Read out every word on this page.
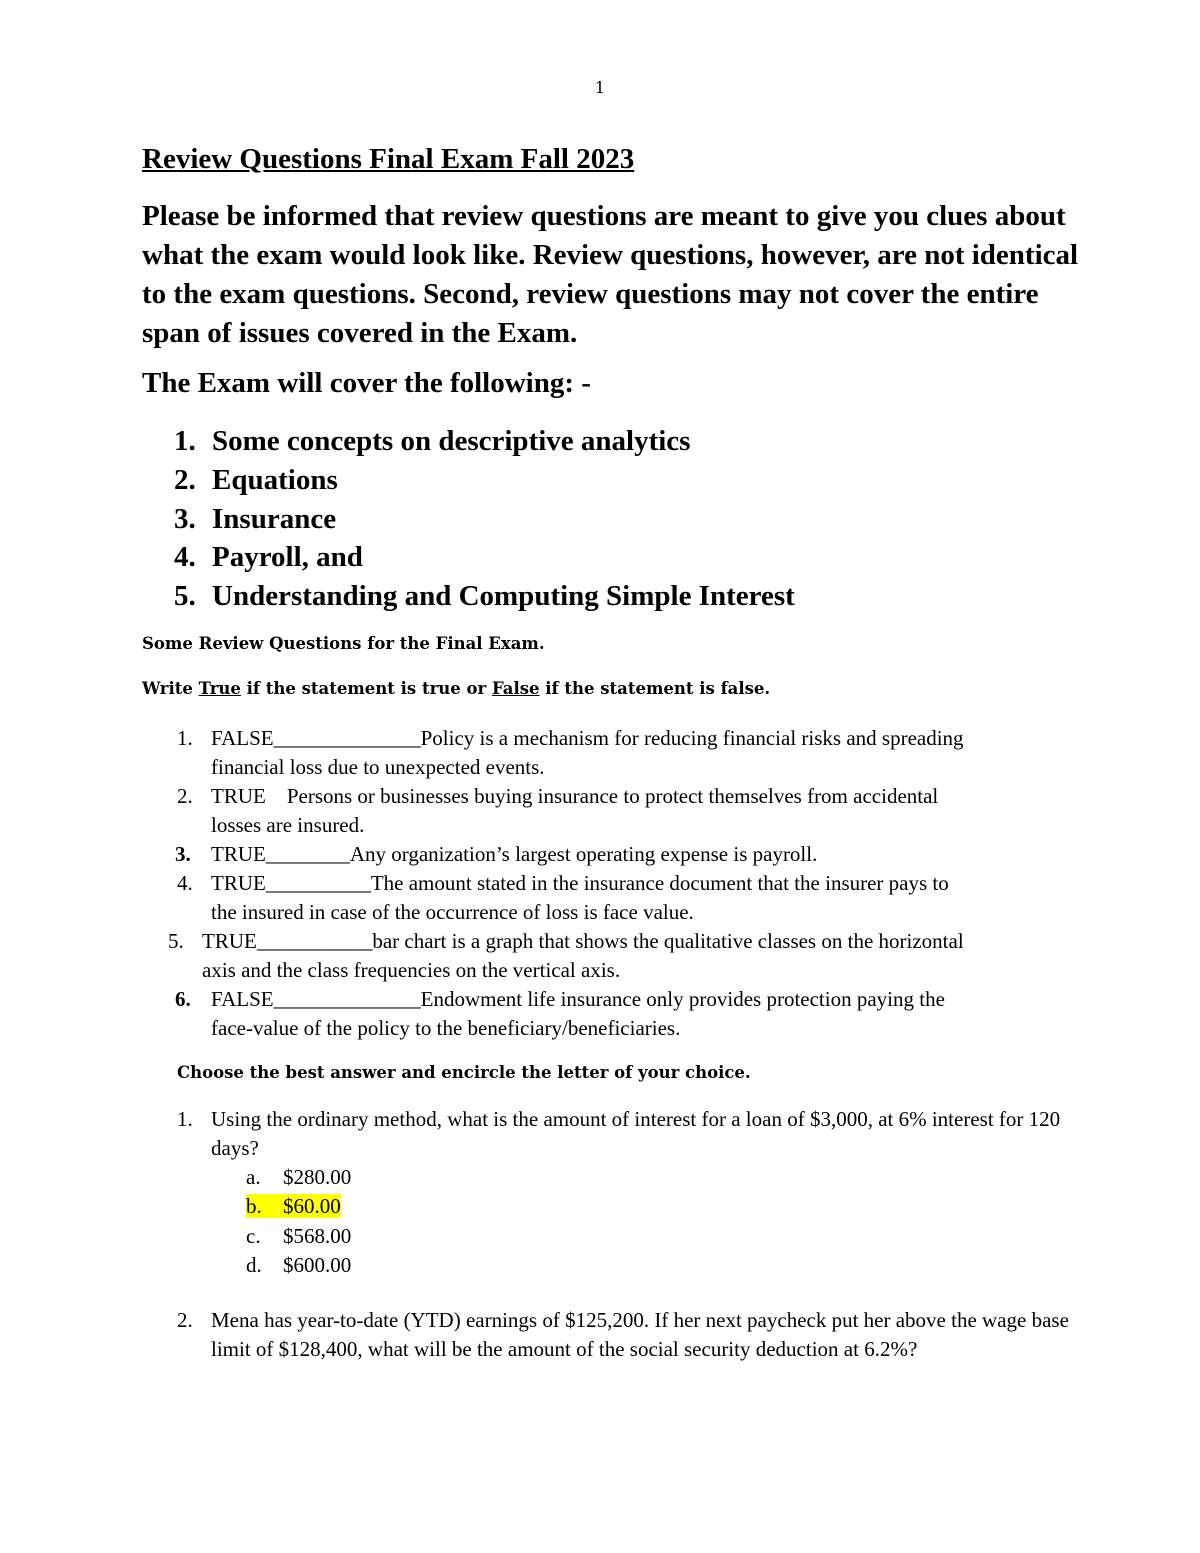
1
Review Questions Final Exam Fall 2023

Please be informed that review questions are meant to give you clues about what the exam would look like. Review questions, however, are not identical to the exam questions. Second, review questions may not cover the entire span of issues covered in the Exam.

The Exam will cover the following: -

1. Some concepts on descriptive analytics
2. Equations
3. Insurance
4. Payroll, and
5. Understanding and Computing Simple Interest

Some Review Questions for the Final Exam.

Write True if the statement is true or False if the statement is false.

1. FALSE______________Policy is a mechanism for reducing financial risks and spreading
financial loss due to unexpected events.
2. TRUE Persons or businesses buying insurance to protect themselves from accidental
losses are insured.
3. TRUE________Any organization’s largest operating expense is payroll.
4. TRUE__________The amount stated in the insurance document that the insurer pays to
the insured in case of the occurrence of loss is face value.
5. TRUE___________bar chart is a graph that shows the qualitative classes on the horizontal
axis and the class frequencies on the vertical axis.
6. FALSE______________Endowment life insurance only provides protection paying the
face-value of the policy to the beneficiary/beneficiaries.

Choose the best answer and encircle the letter of your choice.

1. Using the ordinary method, what is the amount of interest for a loan of $3,000, at 6% interest for 120 days?
a. $280.00
b. $60.00
c. $568.00
d. $600.00
2. Mena has year-to-date (YTD) earnings of $125,200. If her next paycheck put her above the wage base limit of $128,400, what will be the amount of the social security deduction at 6.2%?
